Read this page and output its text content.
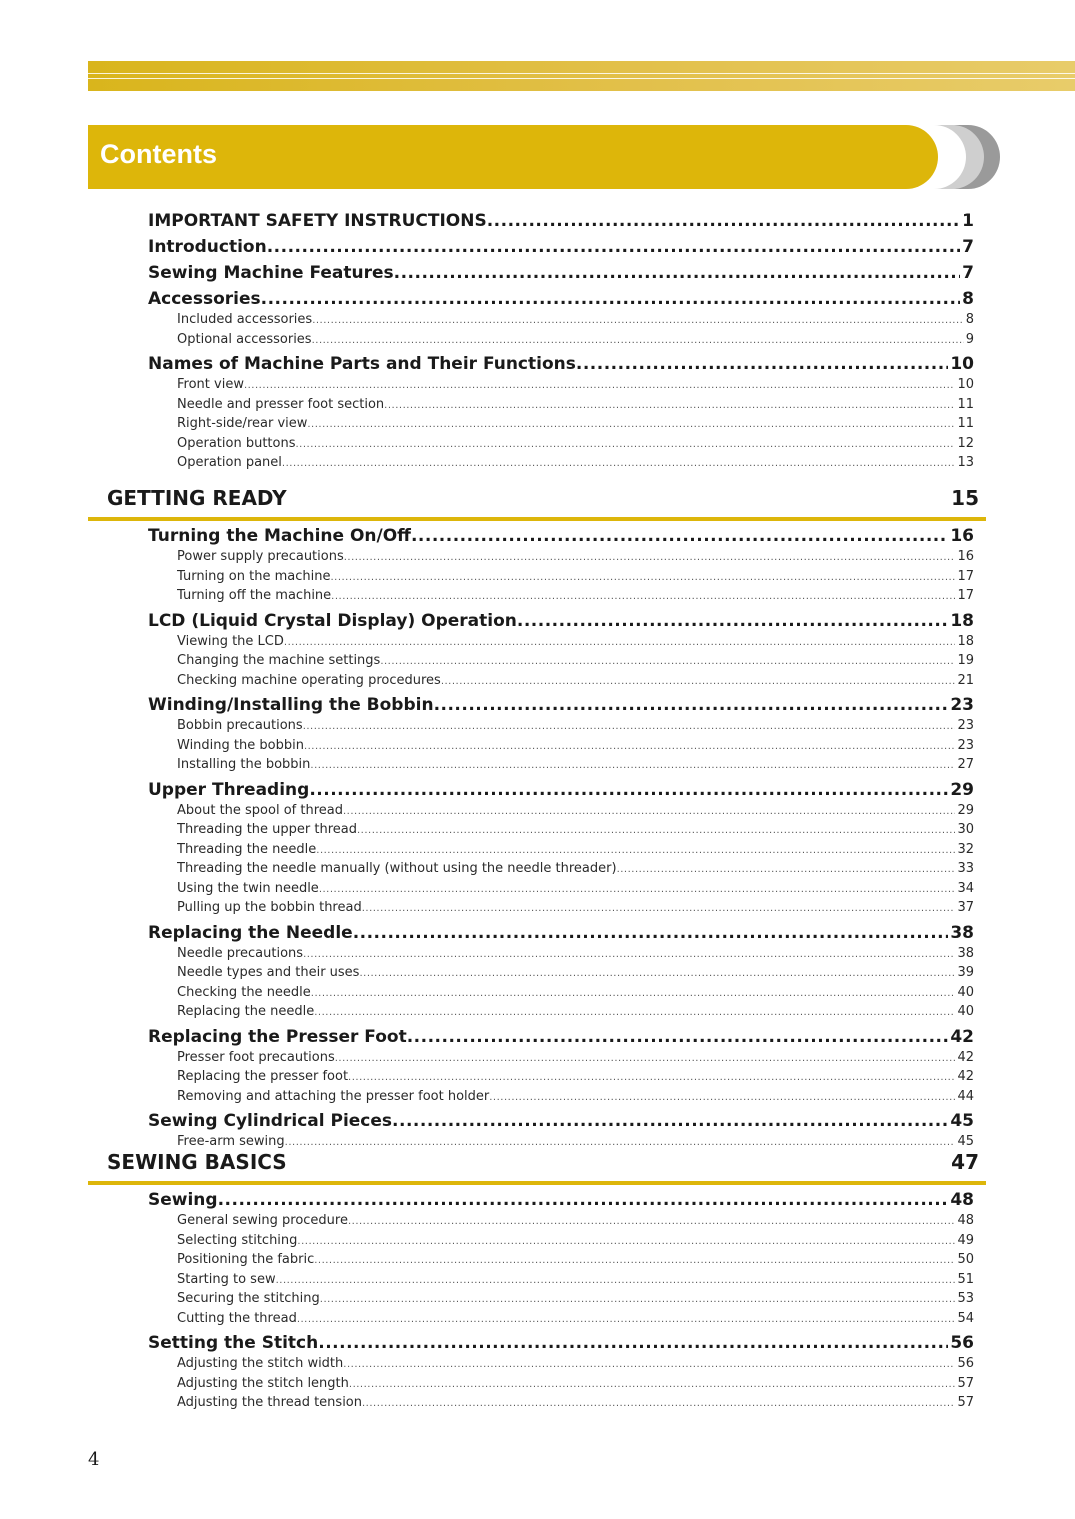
Contents
IMPORTANT SAFETY INSTRUCTIONS .....	1
Introduction .....	7
Sewing Machine Features .....	7
Accessories .....	8
Included accessories .....	8
Optional accessories .....	9
Names of Machine Parts and Their Functions .....	10
Front view .....	10
Needle and presser foot section .....	11
Right-side/rear view .....	11
Operation buttons .....	12
Operation panel .....	13
GETTING READY	15
Turning the Machine On/Off .....	16
Power supply precautions .....	16
Turning on the machine .....	17
Turning off the machine .....	17
LCD (Liquid Crystal Display) Operation .....	18
Viewing the LCD .....	18
Changing the machine settings .....	19
Checking machine operating procedures .....	21
Winding/Installing the Bobbin .....	23
Bobbin precautions .....	23
Winding the bobbin .....	23
Installing the bobbin .....	27
Upper Threading .....	29
About the spool of thread .....	29
Threading the upper thread .....	30
Threading the needle .....	32
Threading the needle manually (without using the needle threader) .....	33
Using the twin needle .....	34
Pulling up the bobbin thread .....	37
Replacing the Needle .....	38
Needle precautions .....	38
Needle types and their uses .....	39
Checking the needle .....	40
Replacing the needle .....	40
Replacing the Presser Foot .....	42
Presser foot precautions .....	42
Replacing the presser foot .....	42
Removing and attaching the presser foot holder .....	44
Sewing Cylindrical Pieces .....	45
Free-arm sewing .....	45
SEWING BASICS	47
Sewing .....	48
General sewing procedure .....	48
Selecting stitching .....	49
Positioning the fabric .....	50
Starting to sew .....	51
Securing the stitching .....	53
Cutting the thread .....	54
Setting the Stitch .....	56
Adjusting the stitch width .....	56
Adjusting the stitch length .....	57
Adjusting the thread tension .....	57
4
